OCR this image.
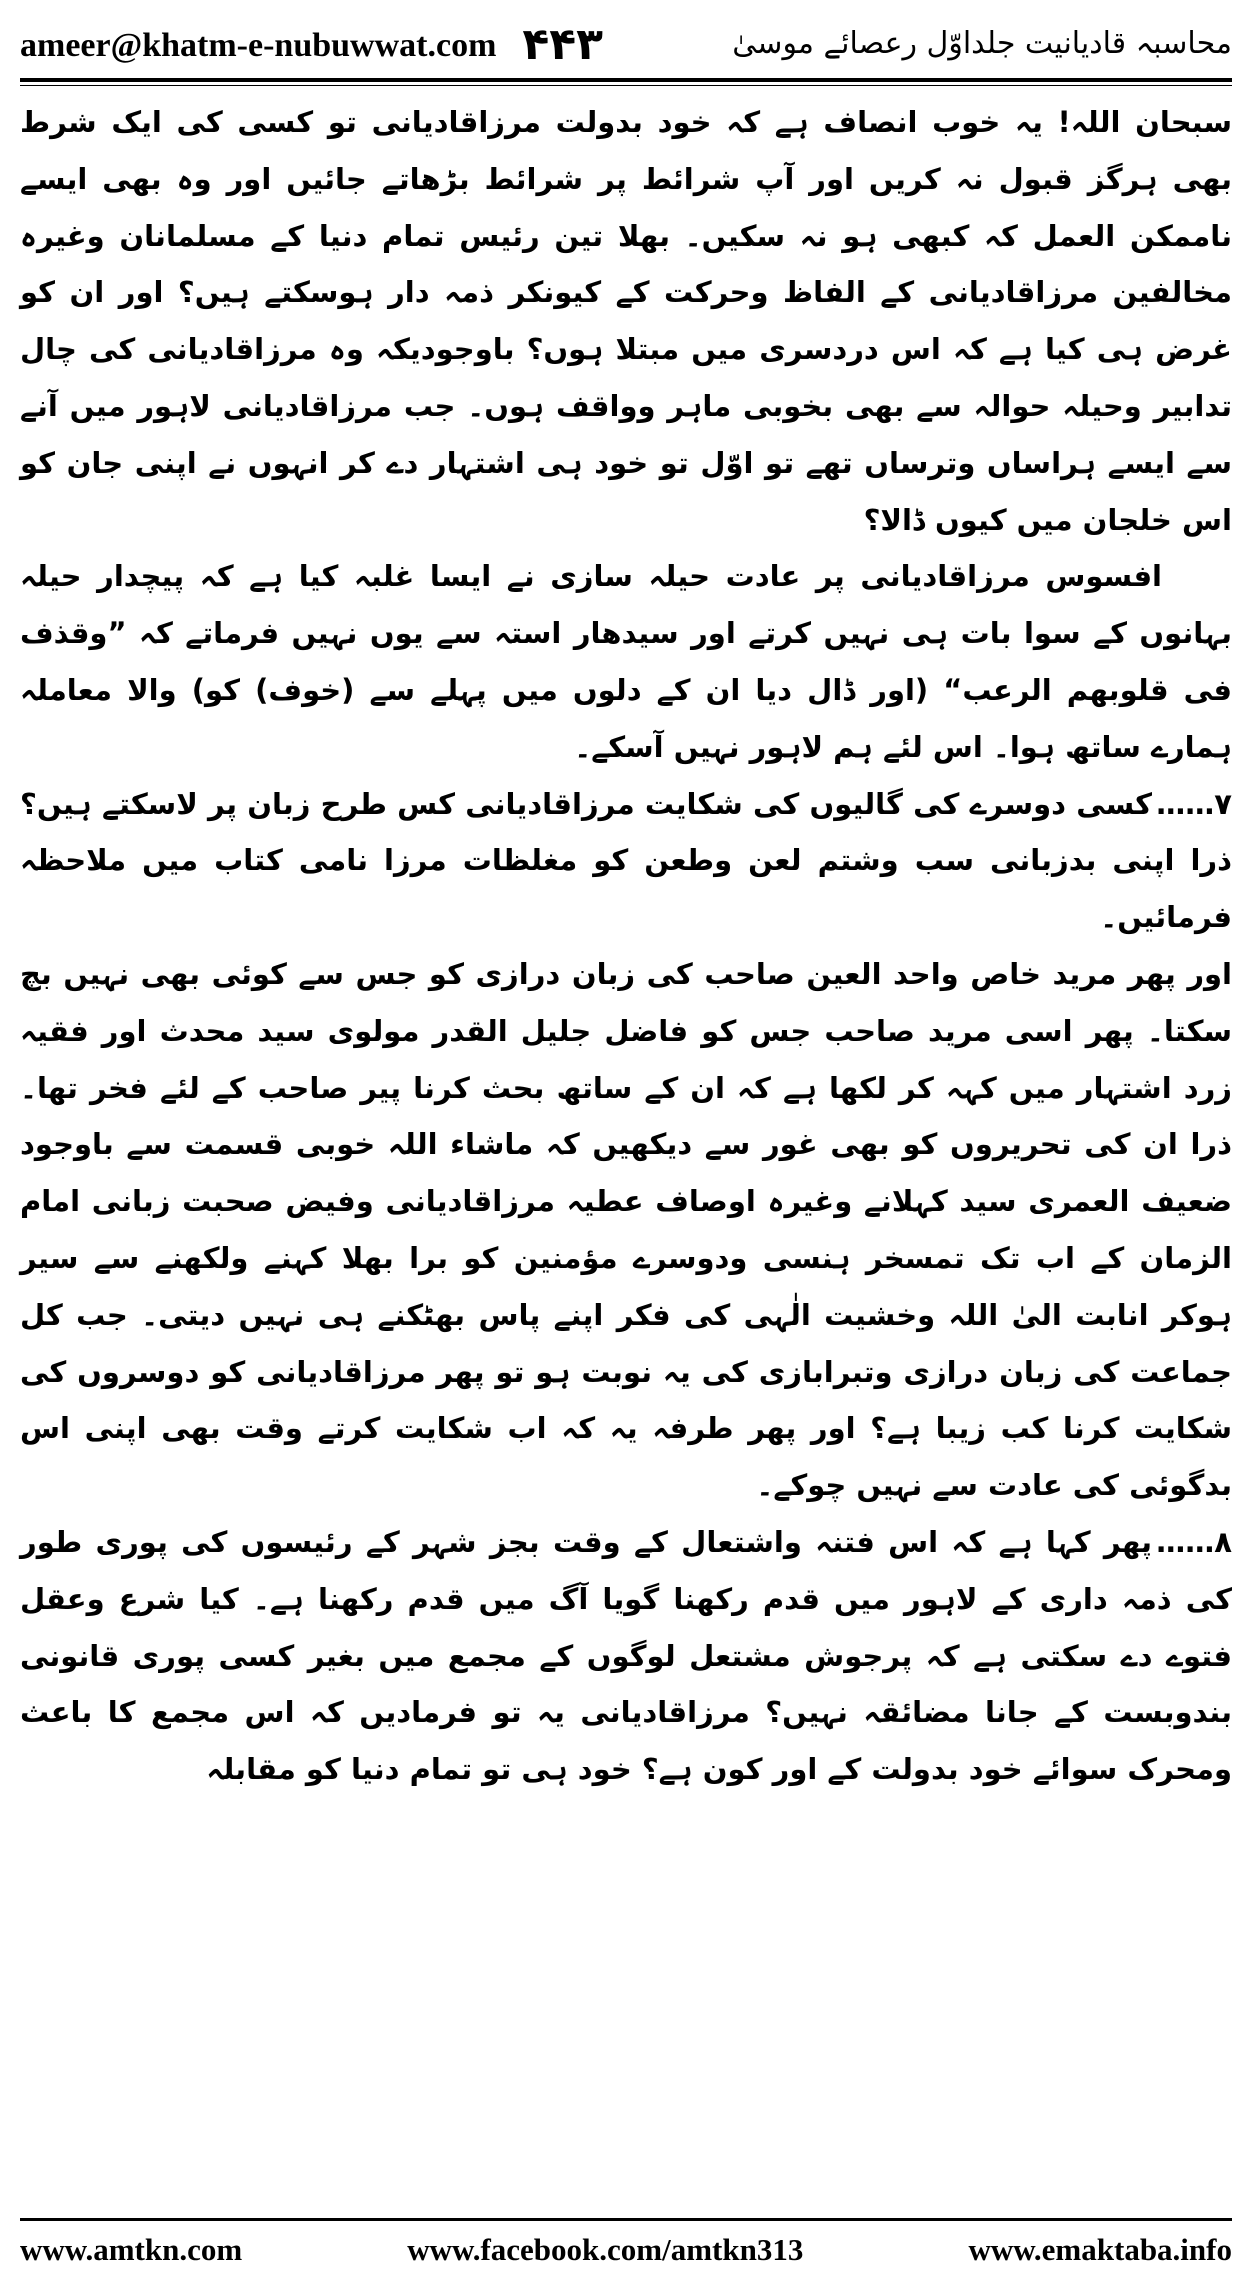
ameer@khatm-e-nubuwwat.com ۴۴۳	محاسبہ قادیانیت جلداوّل رعصائے موسیٰ

سبحان اللہ! یہ خوب انصاف ہے کہ خود بدولت مرزاقادیانی تو کسی کی ایک شرط بھی ہرگز قبول نہ کریں اور آپ شرائط پر شرائط بڑھاتے جائیں اور وہ بھی ایسے ناممکن العمل کہ کبھی ہو نہ سکیں۔ بھلا تین رئیس تمام دنیا کے مسلمانان وغیرہ مخالفین مرزاقادیانی کے الفاظ وحرکت کے کیونکر ذمہ دار ہوسکتے ہیں؟ اور ان کو غرض ہی کیا ہے کہ اس دردسری میں مبتلا ہوں؟ باوجودیکہ وہ مرزاقادیانی کی چال تدابیر وحیلہ حوالہ سے بھی بخوبی ماہر وواقف ہوں۔ جب مرزاقادیانی لاہور میں آنے سے ایسے ہراساں وترساں تھے تو اوّل تو خود ہی اشتہار دے کر انہوں نے اپنی جان کو اس خلجان میں کیوں ڈالا؟

افسوس مرزاقادیانی پر عادت حیلہ سازی نے ایسا غلبہ کیا ہے کہ پیچدار حیلہ بہانوں کے سوا بات ہی نہیں کرتے اور سیدھار استہ سے یوں نہیں فرماتے کہ ”وقذف فی قلوبھم الرعب“ (اور ڈال دیا ان کے دلوں میں پہلے سے (خوف) کو) والا معاملہ ہمارے ساتھ ہوا۔ اس لئے ہم لاہور نہیں آسکے۔

۷……کسی دوسرے کی گالیوں کی شکایت مرزاقادیانی کس طرح زبان پر لاسکتے ہیں؟ ذرا اپنی بدزبانی سب وشتم لعن وطعن کو مغلظات مرزا نامی کتاب میں ملاحظہ فرمائیں۔

اور پھر مرید خاص واحد العین صاحب کی زبان درازی کو جس سے کوئی بھی نہیں بچ سکتا۔ پھر اسی مرید صاحب جس کو فاضل جلیل القدر مولوی سید محدث اور فقیہ زرد اشتہار میں کہہ کر لکھا ہے کہ ان کے ساتھ بحث کرنا پیر صاحب کے لئے فخر تھا۔ ذرا ان کی تحریروں کو بھی غور سے دیکھیں کہ ماشاء اللہ خوبی قسمت سے باوجود ضعیف العمری سید کہلانے وغیرہ اوصاف عطیہ مرزاقادیانی وفیض صحبت زبانی امام الزمان کے اب تک تمسخر ہنسی ودوسرے مؤمنین کو برا بھلا کہنے ولکھنے سے سیر ہوکر انابت الیٰ اللہ وخشیت الٰہی کی فکر اپنے پاس بھٹکنے ہی نہیں دیتی۔ جب کل جماعت کی زبان درازی وتبرابازی کی یہ نوبت ہو تو پھر مرزاقادیانی کو دوسروں کی شکایت کرنا کب زیبا ہے؟ اور پھر طرفہ یہ کہ اب شکایت کرتے وقت بھی اپنی اس بدگوئی کی عادت سے نہیں چوکے۔

۸……پھر کہا ہے کہ اس فتنہ واشتعال کے وقت بجز شہر کے رئیسوں کی پوری طور کی ذمہ داری کے لاہور میں قدم رکھنا گویا آگ میں قدم رکھنا ہے۔ کیا شرع وعقل فتوے دے سکتی ہے کہ پرجوش مشتعل لوگوں کے مجمع میں بغیر کسی پوری قانونی بندوبست کے جانا مضائقہ نہیں؟ مرزاقادیانی یہ تو فرمادیں کہ اس مجمع کا باعث ومحرک سوائے خود بدولت کے اور کون ہے؟ خود ہی تو تمام دنیا کو مقابلہ

www.amtkn.com	www.facebook.com/amtkn313	www.emaktaba.info
